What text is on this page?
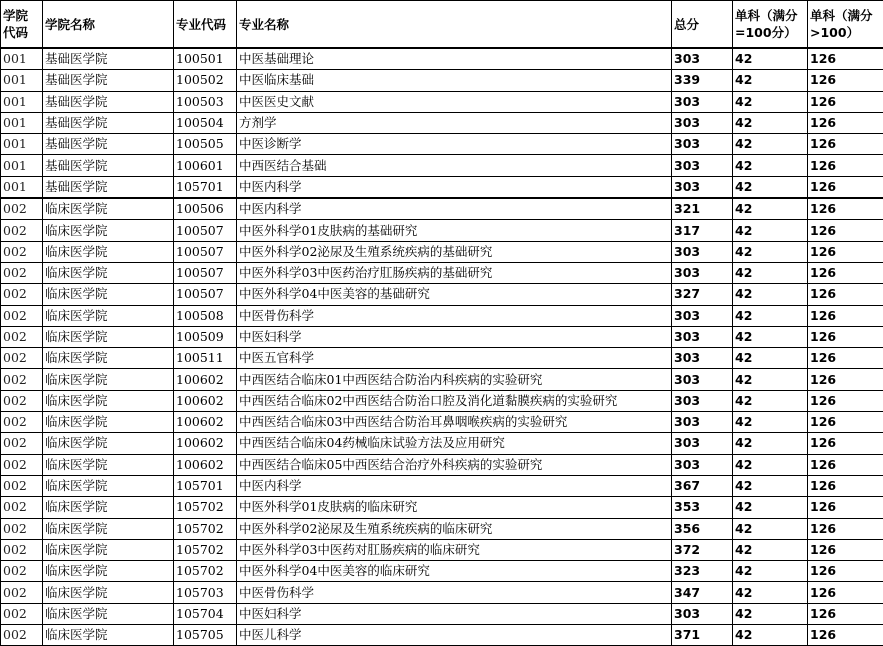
学院代码	学院名称	专业代码	专业名称	总分	单科（满分=100分）	单科（满分>100）
001	基础医学院	100501	中医基础理论	303	42	126
001	基础医学院	100502	中医临床基础	339	42	126
001	基础医学院	100503	中医医史文献	303	42	126
001	基础医学院	100504	方剂学	303	42	126
001	基础医学院	100505	中医诊断学	303	42	126
001	基础医学院	100601	中西医结合基础	303	42	126
001	基础医学院	105701	中医内科学	303	42	126
002	临床医学院	100506	中医内科学	321	42	126
002	临床医学院	100507	中医外科学01皮肤病的基础研究	317	42	126
002	临床医学院	100507	中医外科学02泌尿及生殖系统疾病的基础研究	303	42	126
002	临床医学院	100507	中医外科学03中医药治疗肛肠疾病的基础研究	303	42	126
002	临床医学院	100507	中医外科学04中医美容的基础研究	327	42	126
002	临床医学院	100508	中医骨伤科学	303	42	126
002	临床医学院	100509	中医妇科学	303	42	126
002	临床医学院	100511	中医五官科学	303	42	126
002	临床医学院	100602	中西医结合临床01中西医结合防治内科疾病的实验研究	303	42	126
002	临床医学院	100602	中西医结合临床02中西医结合防治口腔及消化道黏膜疾病的实验研究	303	42	126
002	临床医学院	100602	中西医结合临床03中西医结合防治耳鼻咽喉疾病的实验研究	303	42	126
002	临床医学院	100602	中西医结合临床04药械临床试验方法及应用研究	303	42	126
002	临床医学院	100602	中西医结合临床05中西医结合治疗外科疾病的实验研究	303	42	126
002	临床医学院	105701	中医内科学	367	42	126
002	临床医学院	105702	中医外科学01皮肤病的临床研究	353	42	126
002	临床医学院	105702	中医外科学02泌尿及生殖系统疾病的临床研究	356	42	126
002	临床医学院	105702	中医外科学03中医药对肛肠疾病的临床研究	372	42	126
002	临床医学院	105702	中医外科学04中医美容的临床研究	323	42	126
002	临床医学院	105703	中医骨伤科学	347	42	126
002	临床医学院	105704	中医妇科学	303	42	126
002	临床医学院	105705	中医儿科学	371	42	126
